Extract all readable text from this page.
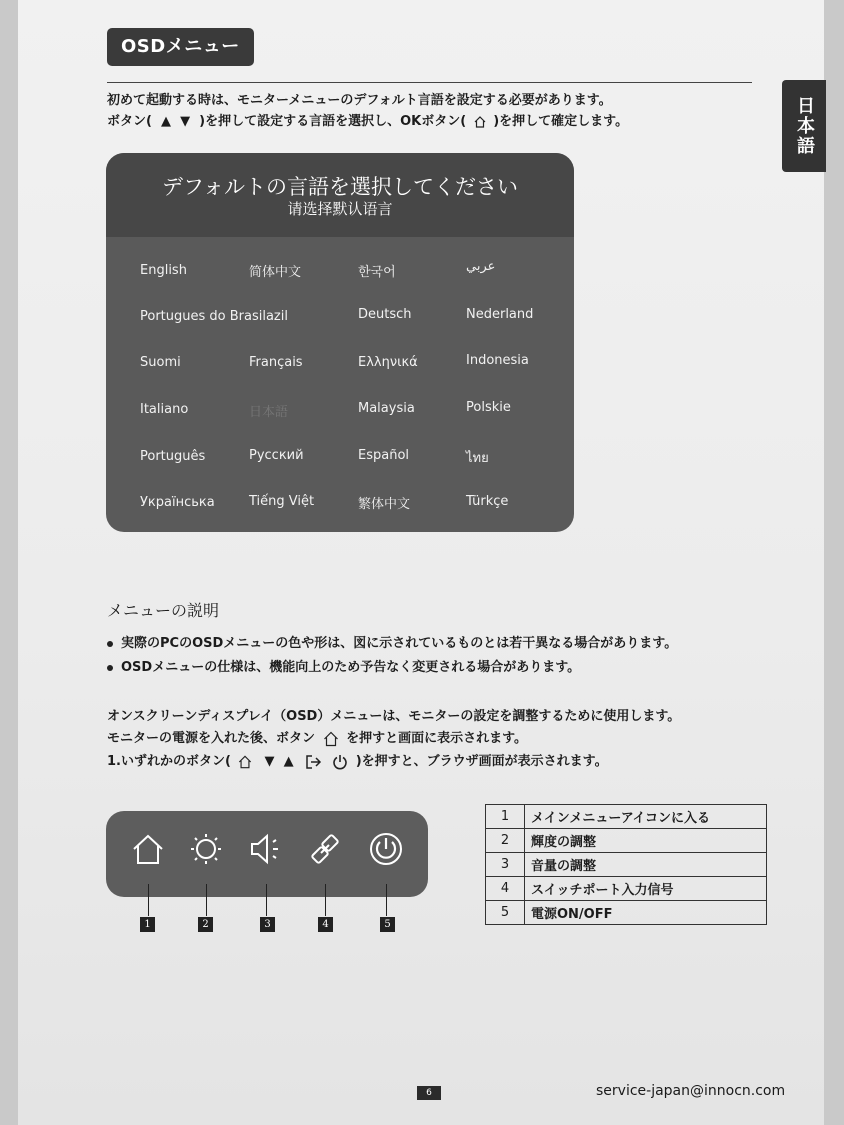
OSDメニュー
日本語
初めて起動する時は、モニターメニューのデフォルト言語を設定する必要があります。
ボタン(  ▲  ▼  )を押して設定する言語を選択し、OKボタン( )を押して確定します。
デフォルトの言語を選択してください
请选择默认语言
English	简体中文	한국어	عربي
Portugues do Brasilazil	Deutsch	Nederland
Suomi	Français	Ελληνικά	Indonesia
Italiano	日本語	Malaysia	Polskie
Português	Русский	Español	ไทย
Українська	Tiếng Việt	繁体中文	Türkçe
メニューの説明
実際のPCのOSDメニューの色や形は、図に示されているものとは若干異なる場合があります。
OSDメニューの仕様は、機能向上のため予告なく変更される場合があります。
オンスクリーンディスプレイ（OSD）メニューは、モニターの設定を調整するために使用します。
モニターの電源を入れた後、ボタン を押すと画面に表示されます。
1.いずれかのボタン(   ▼  ▲	)を押すと、ブラウザ画面が表示されます。
1	2	3	4	5
1	メインメニューアイコンに入る
2	輝度の調整
3	音量の調整
4	スイッチポート入力信号
5	電源ON/OFF
6	service-japan@innocn.com
